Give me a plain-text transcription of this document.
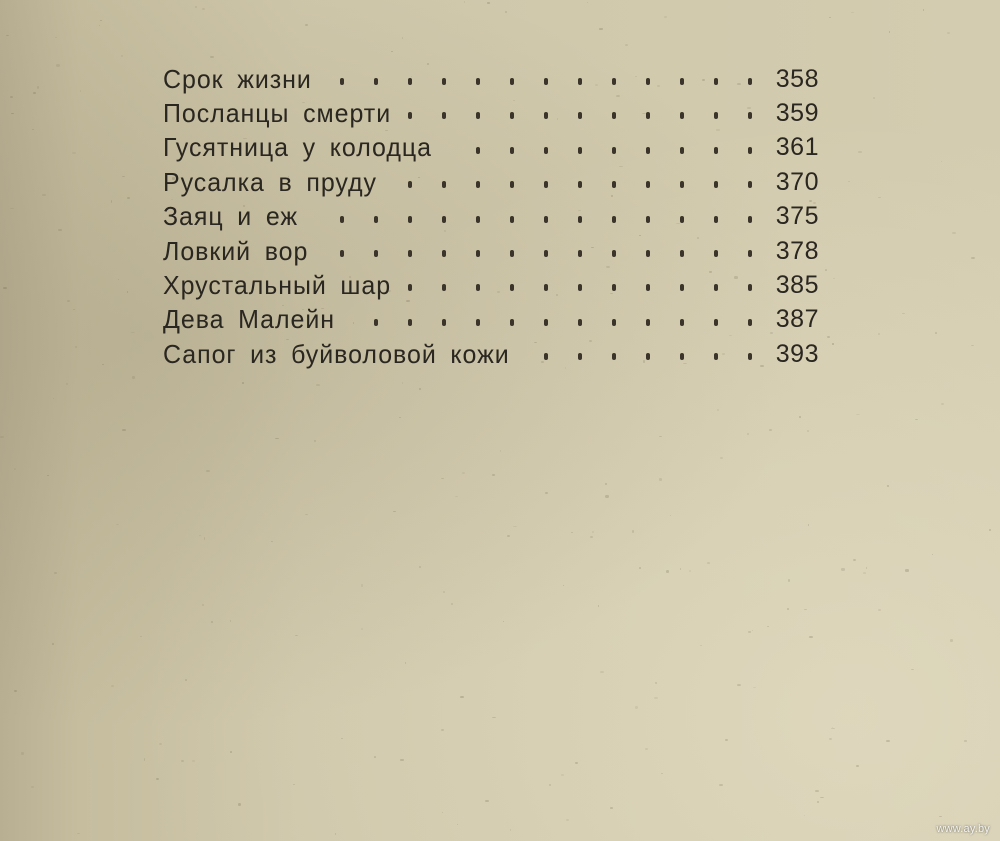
Срок жизни	358
Посланцы смерти	359
Гусятница у колодца	361
Русалка в пруду	370
Заяц и еж	375
Ловкий вор	378
Хрустальный шар	385
Дева Малейн	387
Сапог из буйволовой кожи	393
www.ay.by
